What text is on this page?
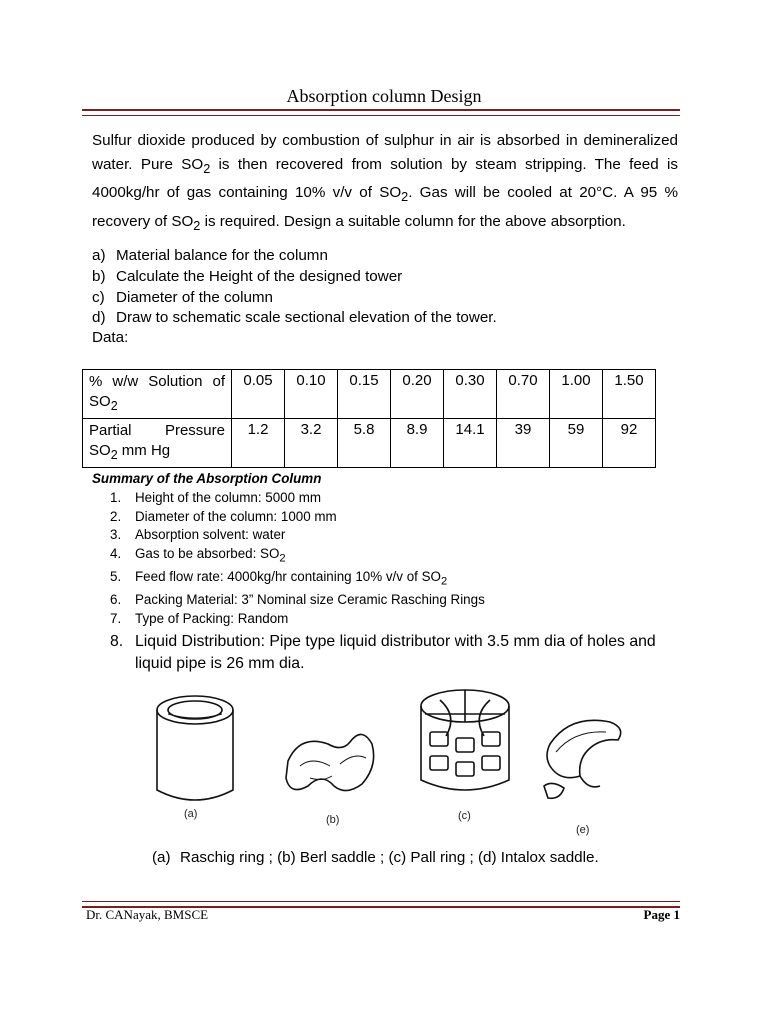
Absorption column Design
Sulfur dioxide produced by combustion of sulphur in air is absorbed in demineralized water. Pure $SO_2$ is then recovered from solution by steam stripping. The feed is 4000kg/hr of gas containing 10% v/v of $SO_2$. Gas will be cooled at 20°C. A 95 % recovery of $SO_2$ is required. Design a suitable column for the above absorption.
a) Material balance for the column
b) Calculate the Height of the designed tower
c) Diameter of the column
d) Draw to schematic scale sectional elevation of the tower.
Data:
% w/w Solution of
$SO_2$	0.05	0.10	0.15	0.20	0.30	0.70	1.00	1.50
Partial Pressure
$SO_2$ mm Hg	1.2	3.2	5.8	8.9	14.1	39	59	92
Summary of the Absorption Column
1.	Height of the column: 5000 mm
2.	Diameter of the column: 1000 mm
3.	Absorption solvent: water
4.	Gas to be absorbed: $SO_2$
5.	Feed flow rate: 4000kg/hr containing 10% v/v of $SO_2$
6.	Packing Material: 3” Nominal size Ceramic Rasching Rings
7.	Type of Packing: Random
8. Liquid Distribution: Pipe type liquid distributor with 3.5 mm dia of holes and liquid pipe is 26 mm dia.
(a)	(b)	(c)
(e)
(a) Raschig ring ; (b) Berl saddle ; (c) Pall ring ; (d) Intalox saddle.
Dr. CANayak, BMSCE	Page 1
